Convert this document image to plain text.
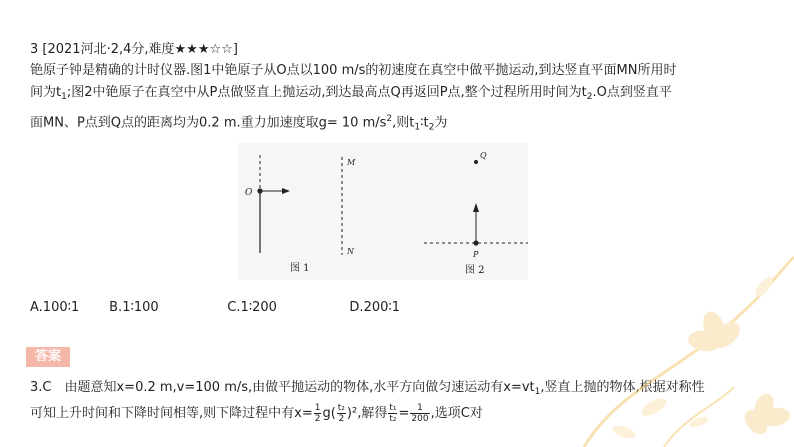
3 [2021河北·2,4分,难度★★★☆☆]
铯原子钟是精确的计时仪器.图1中铯原子从O点以100 m/s的初速度在真空中做平抛运动,到达竖直平面MN所用时
间为$t_1$;图2中铯原子在真空中从P点做竖直上抛运动,到达最高点Q再返回P点,整个过程所用时间为$t_2.O$点到竖直平
面MN、P点到Q点的距离均为0.2 m.重力加速度取g= 10 $m/s^2$,则$t_1∶t_2$为
O
M
N
图 1
Q
P
图 2
A.100∶1 B.1∶100	C.1∶200	D.200∶1
答案
3.C　由题意知x=0.2 m,v=100 m/s,由做平抛运动的物体,水平方向做匀速运动有$x=vt_1$,竖直上抛的物体,根据对称性
可知上升时间和下降时间相等,则下降过程中有$x= \frac{1}{2} g( \frac{\text{t₂}}{2} )^2$,解得 $\frac{\text{t₁}}{\text{t₂}} = \frac{1}{200}$ ,选项C对
